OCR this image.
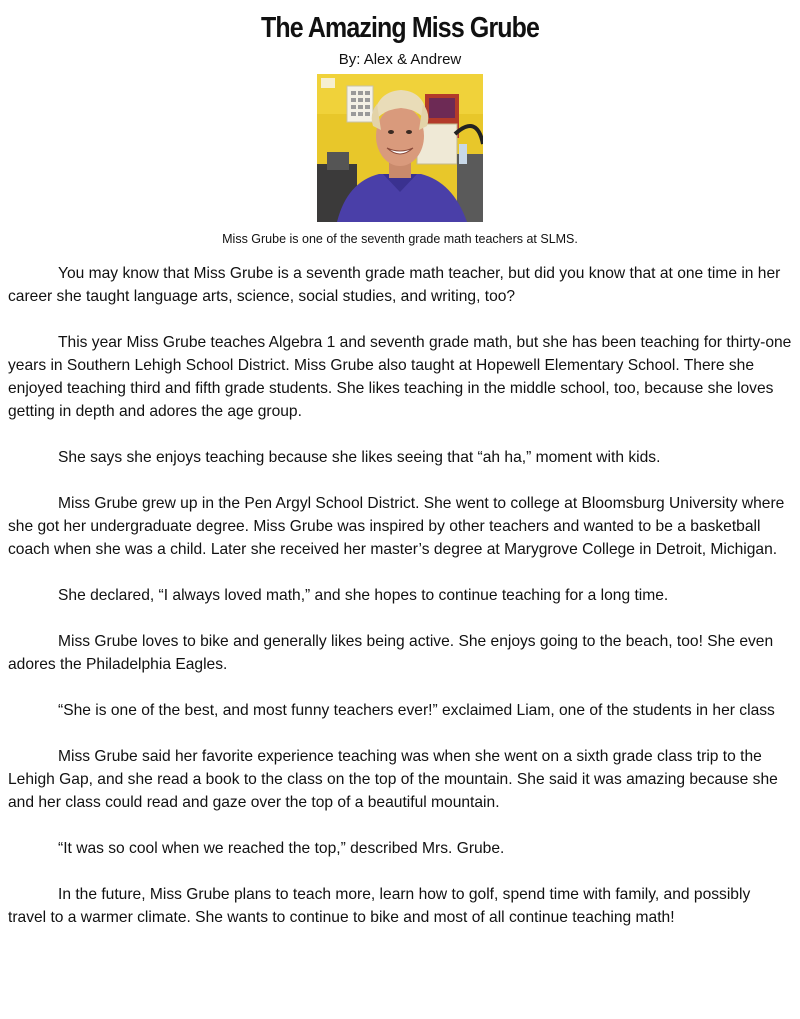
The Amazing Miss Grube
By: Alex & Andrew
Miss Grube is one of the seventh grade math teachers at SLMS.

You may know that Miss Grube is a seventh grade math teacher, but did you know that at one time in her career she taught language arts, science, social studies, and writing, too?

This year Miss Grube teaches Algebra 1 and seventh grade math, but she has been teaching for thirty-one years in Southern Lehigh School District. Miss Grube also taught at Hopewell Elementary School. There she enjoyed teaching third and fifth grade students. She likes teaching in the middle school, too, because she loves getting in depth and adores the age group.

She says she enjoys teaching because she likes seeing that “ah ha,” moment with kids.

Miss Grube grew up in the Pen Argyl School District. She went to college at Bloomsburg University where she got her undergraduate degree. Miss Grube was inspired by other teachers and wanted to be a basketball coach when she was a child. Later she received her master’s degree at Marygrove College in Detroit, Michigan.

She declared, “I always loved math,” and she hopes to continue teaching for a long time.

Miss Grube loves to bike and generally likes being active. She enjoys going to the beach, too! She even adores the Philadelphia Eagles.

“She is one of the best, and most funny teachers ever!” exclaimed Liam, one of the students in her class

Miss Grube said her favorite experience teaching was when she went on a sixth grade class trip to the Lehigh Gap, and she read a book to the class on the top of the mountain. She said it was amazing because she and her class could read and gaze over the top of a beautiful mountain.

“It was so cool when we reached the top,” described Mrs. Grube.

In the future, Miss Grube plans to teach more, learn how to golf, spend time with family, and possibly travel to a warmer climate. She wants to continue to bike and most of all continue teaching math!
